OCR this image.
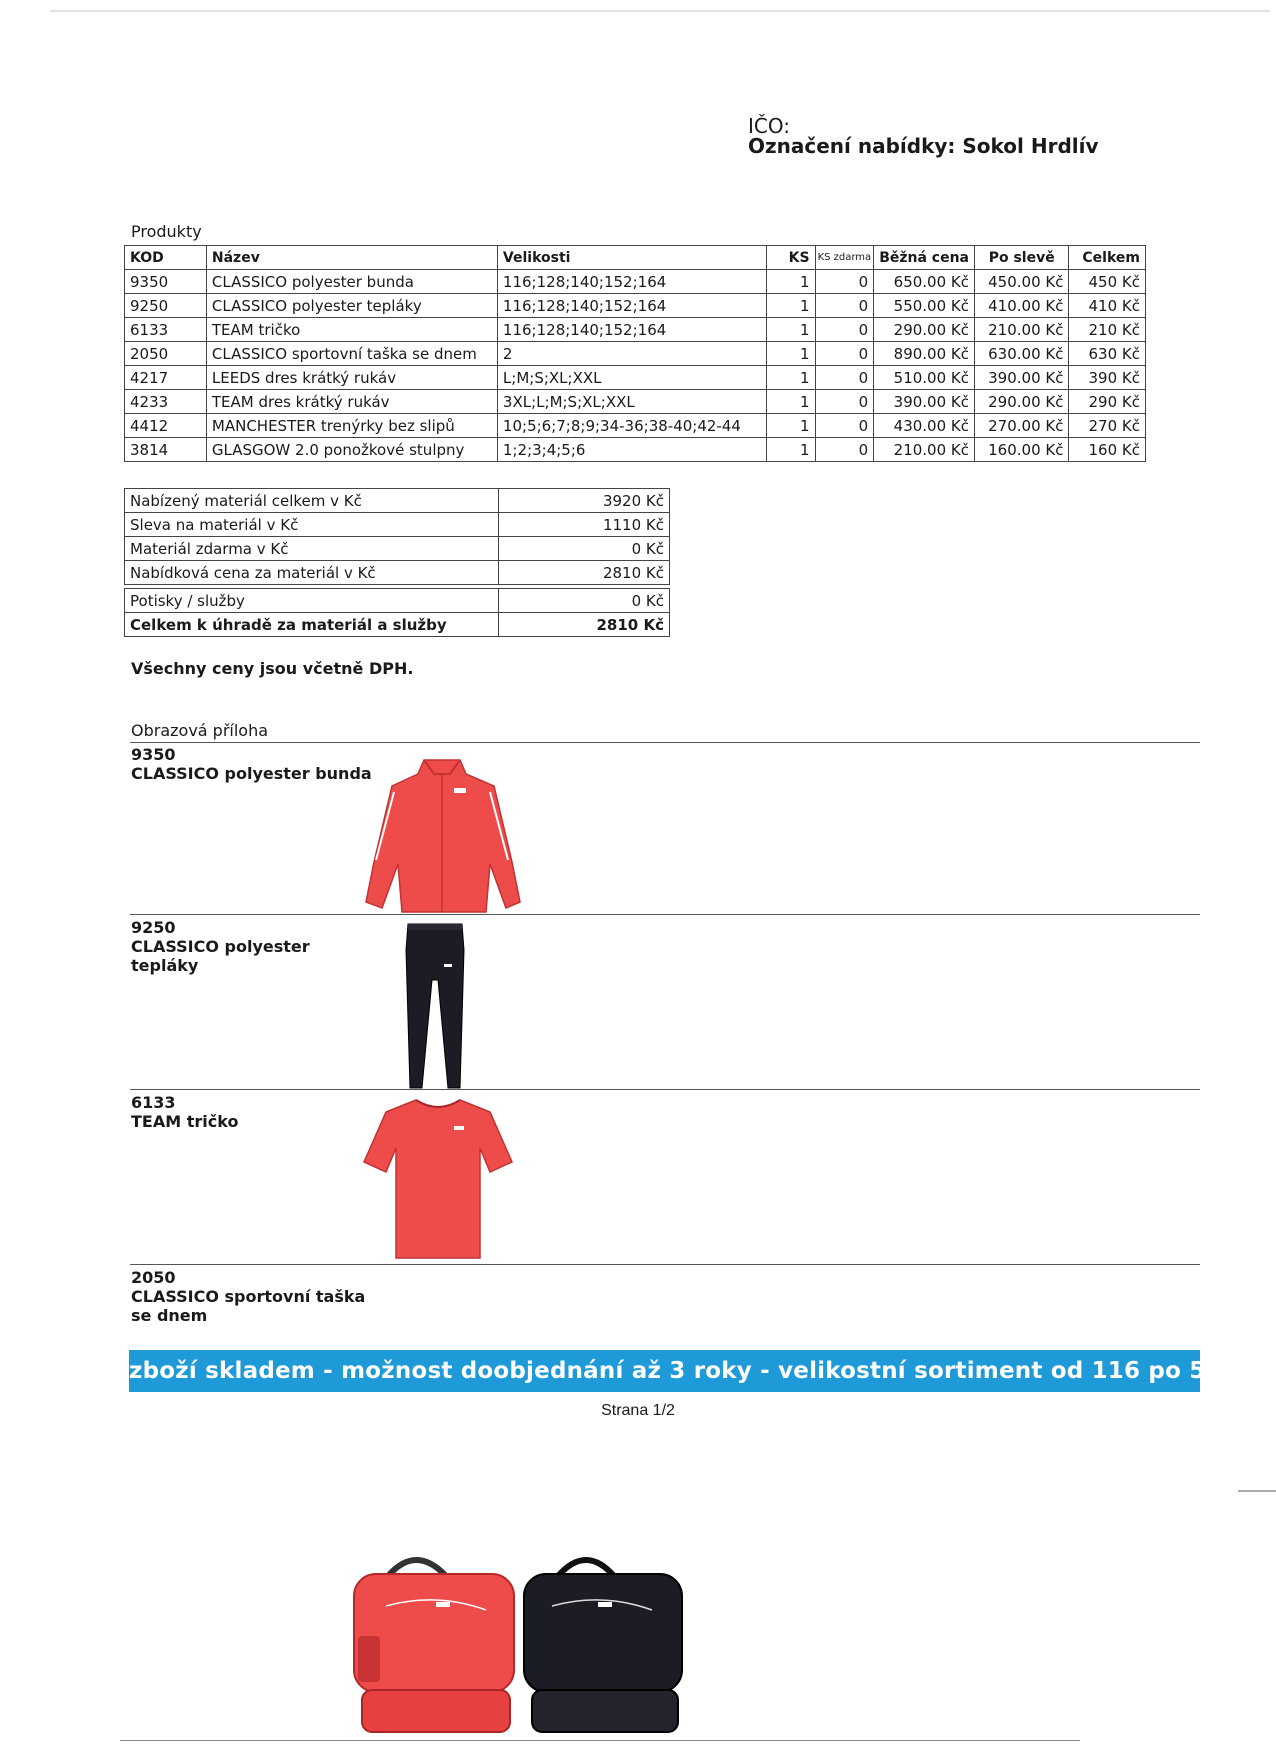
IČO:
Označení nabídky: Sokol Hrdlív
Produkty
KOD	Název	Velikosti	KS	KS zdarma	Běžná cena	Po slevě	Celkem
9350	CLASSICO polyester bunda	116;128;140;152;164	1	0	650.00 Kč	450.00 Kč	450 Kč
9250	CLASSICO polyester tepláky	116;128;140;152;164	1	0	550.00 Kč	410.00 Kč	410 Kč
6133	TEAM tričko	116;128;140;152;164	1	0	290.00 Kč	210.00 Kč	210 Kč
2050	CLASSICO sportovní taška se dnem	2	1	0	890.00 Kč	630.00 Kč	630 Kč
4217	LEEDS dres krátký rukáv	L;M;S;XL;XXL	1	0	510.00 Kč	390.00 Kč	390 Kč
4233	TEAM dres krátký rukáv	3XL;L;M;S;XL;XXL	1	0	390.00 Kč	290.00 Kč	290 Kč
4412	MANCHESTER trenýrky bez slipů	10;5;6;7;8;9;34-36;38-40;42-44	1	0	430.00 Kč	270.00 Kč	270 Kč
3814	GLASGOW 2.0 ponožkové stulpny	1;2;3;4;5;6	1	0	210.00 Kč	160.00 Kč	160 Kč
Nabízený materiál celkem v Kč	3920 Kč
Sleva na materiál v Kč	1110 Kč
Materiál zdarma v Kč	0 Kč
Nabídková cena za materiál v Kč	2810 Kč

Potisky / služby	0 Kč
Celkem k úhradě za materiál a služby	2810 Kč
Všechny ceny jsou včetně DPH.
Obrazová příloha
9350
CLASSICO polyester bunda
9250
CLASSICO polyester
tepláky
6133
TEAM tričko
2050
CLASSICO sportovní taška
se dnem
zboží skladem - možnost doobjednání až 3 roky - velikostní sortiment od 116 po 5XL
Strana 1/2
